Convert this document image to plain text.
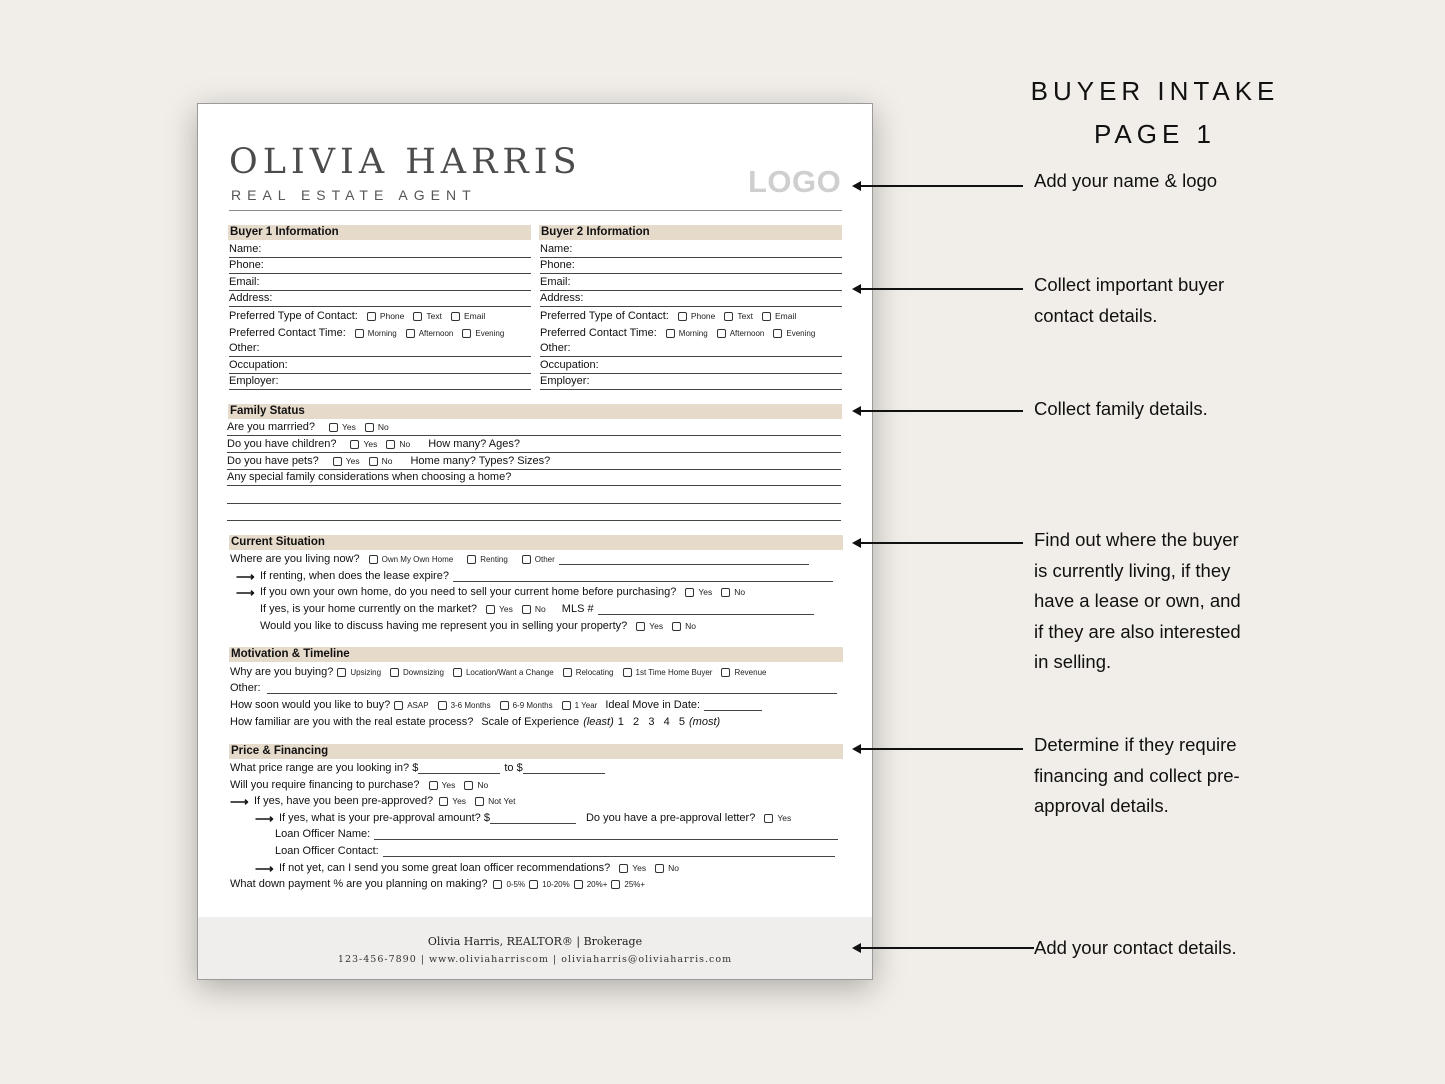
OLIVIA HARRIS
REAL ESTATE AGENT	LOGO
Buyer 1 Information
Name:
Phone:
Email:
Address:
Preferred Type of Contact:	Phone	Text	Email
Preferred Contact Time:	Morning	Afternoon	Evening
Other:
Occupation:
Employer:
Buyer 2 Information
Name:
Phone:
Email:
Address:
Preferred Type of Contact:	Phone	Text	Email
Preferred Contact Time:	Morning	Afternoon	Evening
Other:
Occupation:
Employer:
Family Status
Are you marrried?	Yes	No
Do you have children?	Yes	No How many? Ages?
Do you have pets?	Yes	No Home many? Types? Sizes?
Any special family considerations when choosing a home?
Current Situation
Where are you living now?	Own My Own Home	Renting	Other
⟶ If renting, when does the lease expire?
⟶ If you own your own home, do you need to sell your current home before purchasing?	Yes	No
If yes, is your home currently on the market?	Yes	No MLS #
Would you like to discuss having me represent you in selling your property?	Yes	No
Motivation & Timeline
Why are you buying? Upsizing	Downsizing	Location/Want a Change	Relocating	1st Time Home Buyer	Revenue
Other:
How soon would you like to buy? ASAP	3-6 Months	6-9 Months	1 Year Ideal Move in Date:
How familiar are you with the real estate process? Scale of Experience (least) 1   2   3   4   5 (most)
Price & Financing
What price range are you looking in? $	to $
Will you require financing to purchase?	Yes	No
⟶ If yes, have you been pre-approved? Yes	Not Yet
⟶ If yes, what is your pre-approval amount? $	Do you have a pre-approval letter?	Yes
Loan Officer Name:
Loan Officer Contact:
⟶ If not yet, can I send you some great loan officer recommendations?	Yes	No
What down payment % are you planning on making? 0-5% 10-20% 20%+ 25%+
Olivia Harris, REALTOR® | Brokerage
123-456-7890 | www.oliviaharriscom | oliviaharris@oliviaharris.com
BUYER INTAKE
PAGE 1
Add your name & logo
Collect important buyer
contact details.
Collect family details.
Find out where the buyer
is currently living, if they
have a lease or own, and
if they are also interested
in selling.
Determine if they require
financing and collect pre-
approval details.
Add your contact details.
